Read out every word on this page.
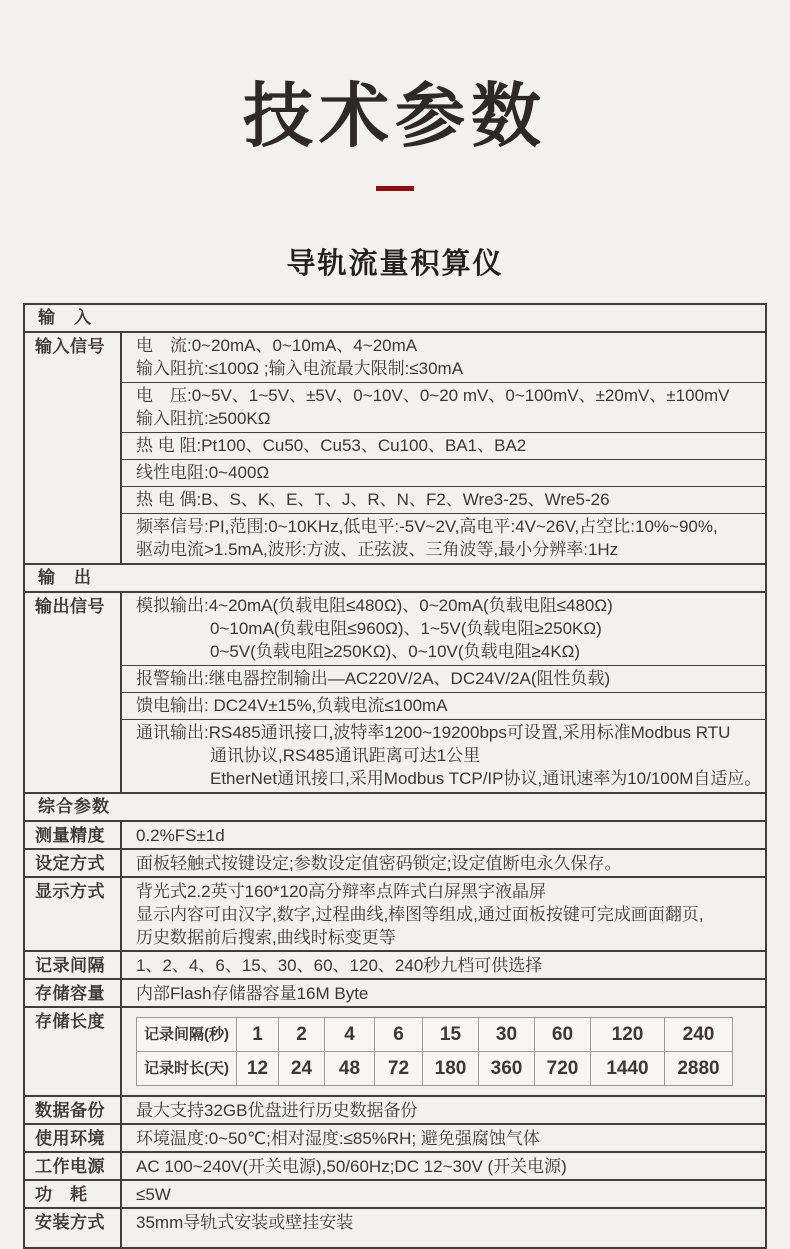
技术参数
导轨流量积算仪
输　入
输入信号	电　流:0~20mA、0~10mA、4~20mA
输入阻抗:≤100Ω ;输入电流最大限制:≤30mA
电　压:0~5V、1~5V、±5V、0~10V、0~20 mV、0~100mV、±20mV、±100mV
输入阻抗:≥500KΩ
热 电 阻:Pt100、Cu50、Cu53、Cu100、BA1、BA2
线性电阻:0~400Ω
热 电 偶:B、S、K、E、T、J、R、N、F2、Wre3-25、Wre5-26
频率信号:PI,范围:0~10KHz,低电平:-5V~2V,高电平:4V~26V,占空比:10%~90%,
驱动电流>1.5mA,波形:方波、正弦波、三角波等,最小分辨率:1Hz
输　出
输出信号	模拟输出:4~20mA(负载电阻≤480Ω)、0~20mA(负载电阻≤480Ω)
0~10mA(负载电阻≤960Ω)、1~5V(负载电阻≥250KΩ)
0~5V(负载电阻≥250KΩ)、0~10V(负载电阻≥4KΩ)
报警输出:继电器控制输出—AC220V/2A、DC24V/2A(阻性负载)
馈电输出: DC24V±15%,负载电流≤100mA
通讯输出:RS485通讯接口,波特率1200~19200bps可设置,采用标准Modbus RTU
通讯协议,RS485通讯距离可达1公里
EtherNet通讯接口,采用Modbus TCP/IP协议,通讯速率为10/100M自适应。
综合参数
测量精度	0.2%FS±1d
设定方式	面板轻触式按键设定;参数设定值密码锁定;设定值断电永久保存。
显示方式	背光式2.2英寸160*120高分辩率点阵式白屏黑字液晶屏
显示内容可由汉字,数字,过程曲线,棒图等组成,通过面板按键可完成画面翻页,
历史数据前后搜索,曲线时标变更等
记录间隔	1、2、4、6、15、30、60、120、240秒九档可供选择
存储容量	内部Flash存储器容量16M Byte
存储长度
记录间隔(秒)	1	2	4	6	15	30	60	120	240
记录时长(天)	12	24	48	72	180	360	720	1440	2880
数据备份	最大支持32GB优盘进行历史数据备份
使用环境	环境温度:0~50℃;相对湿度:≤85%RH; 避免强腐蚀气体
工作电源	AC 100~240V(开关电源),50/60Hz;DC 12~30V (开关电源)
功　耗	≤5W
安装方式	35mm导轨式安装或壁挂安装
